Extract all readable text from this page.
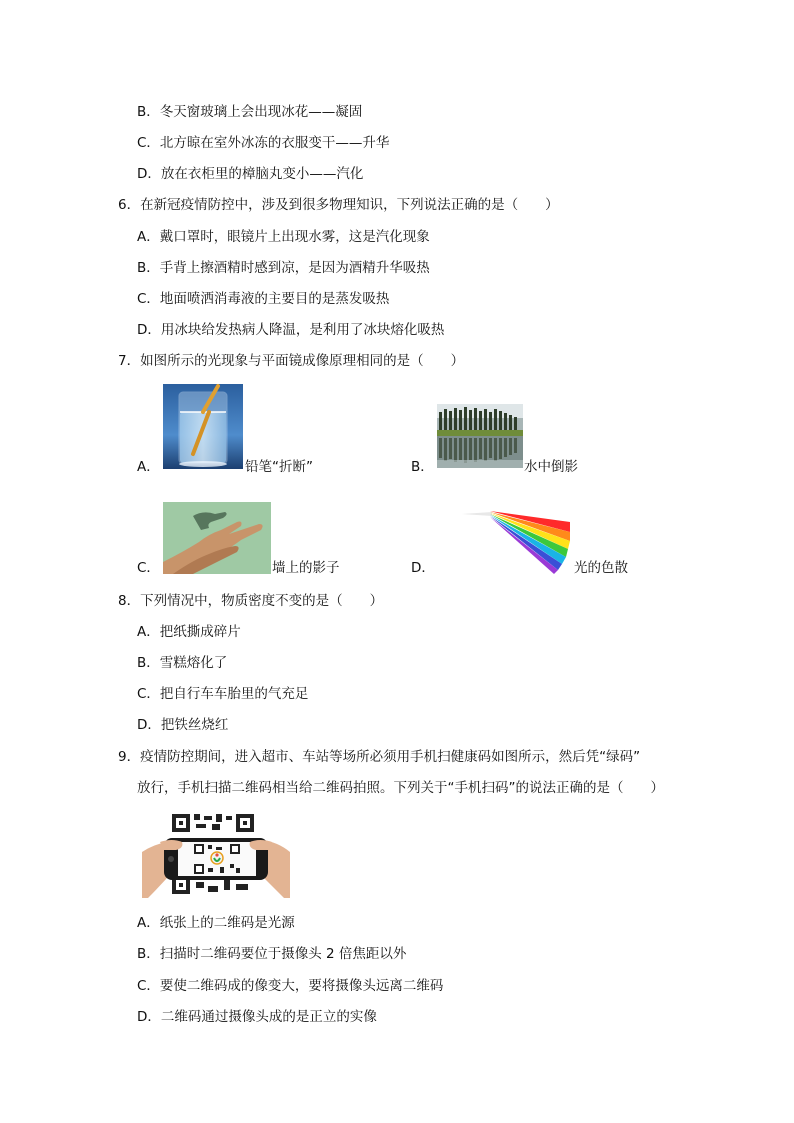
B．冬天窗玻璃上会出现冰花——凝固
C．北方晾在室外冰冻的衣服变干——升华
D．放在衣柜里的樟脑丸变小——汽化
6．在新冠疫情防控中，涉及到很多物理知识，下列说法正确的是（　　）
A．戴口罩时，眼镜片上出现水雾，这是汽化现象
B．手背上擦酒精时感到凉，是因为酒精升华吸热
C．地面喷洒消毒液的主要目的是蒸发吸热
D．用冰块给发热病人降温，是利用了冰块熔化吸热
7．如图所示的光现象与平面镜成像原理相同的是（　　）
A．	铅笔“折断”	B．	水中倒影
C．	墙上的影子	D．	光的色散
8．下列情况中，物质密度不变的是（　　）
A．把纸撕成碎片
B．雪糕熔化了
C．把自行车车胎里的气充足
D．把铁丝烧红
9．疫情防控期间，进入超市、车站等场所必须用手机扫健康码如图所示，然后凭“绿码”
放行，手机扫描二维码相当给二维码拍照。下列关于“手机扫码”的说法正确的是（　　）
A．纸张上的二维码是光源
B．扫描时二维码要位于摄像头 2 倍焦距以外
C．要使二维码成的像变大，要将摄像头远离二维码
D．二维码通过摄像头成的是正立的实像
